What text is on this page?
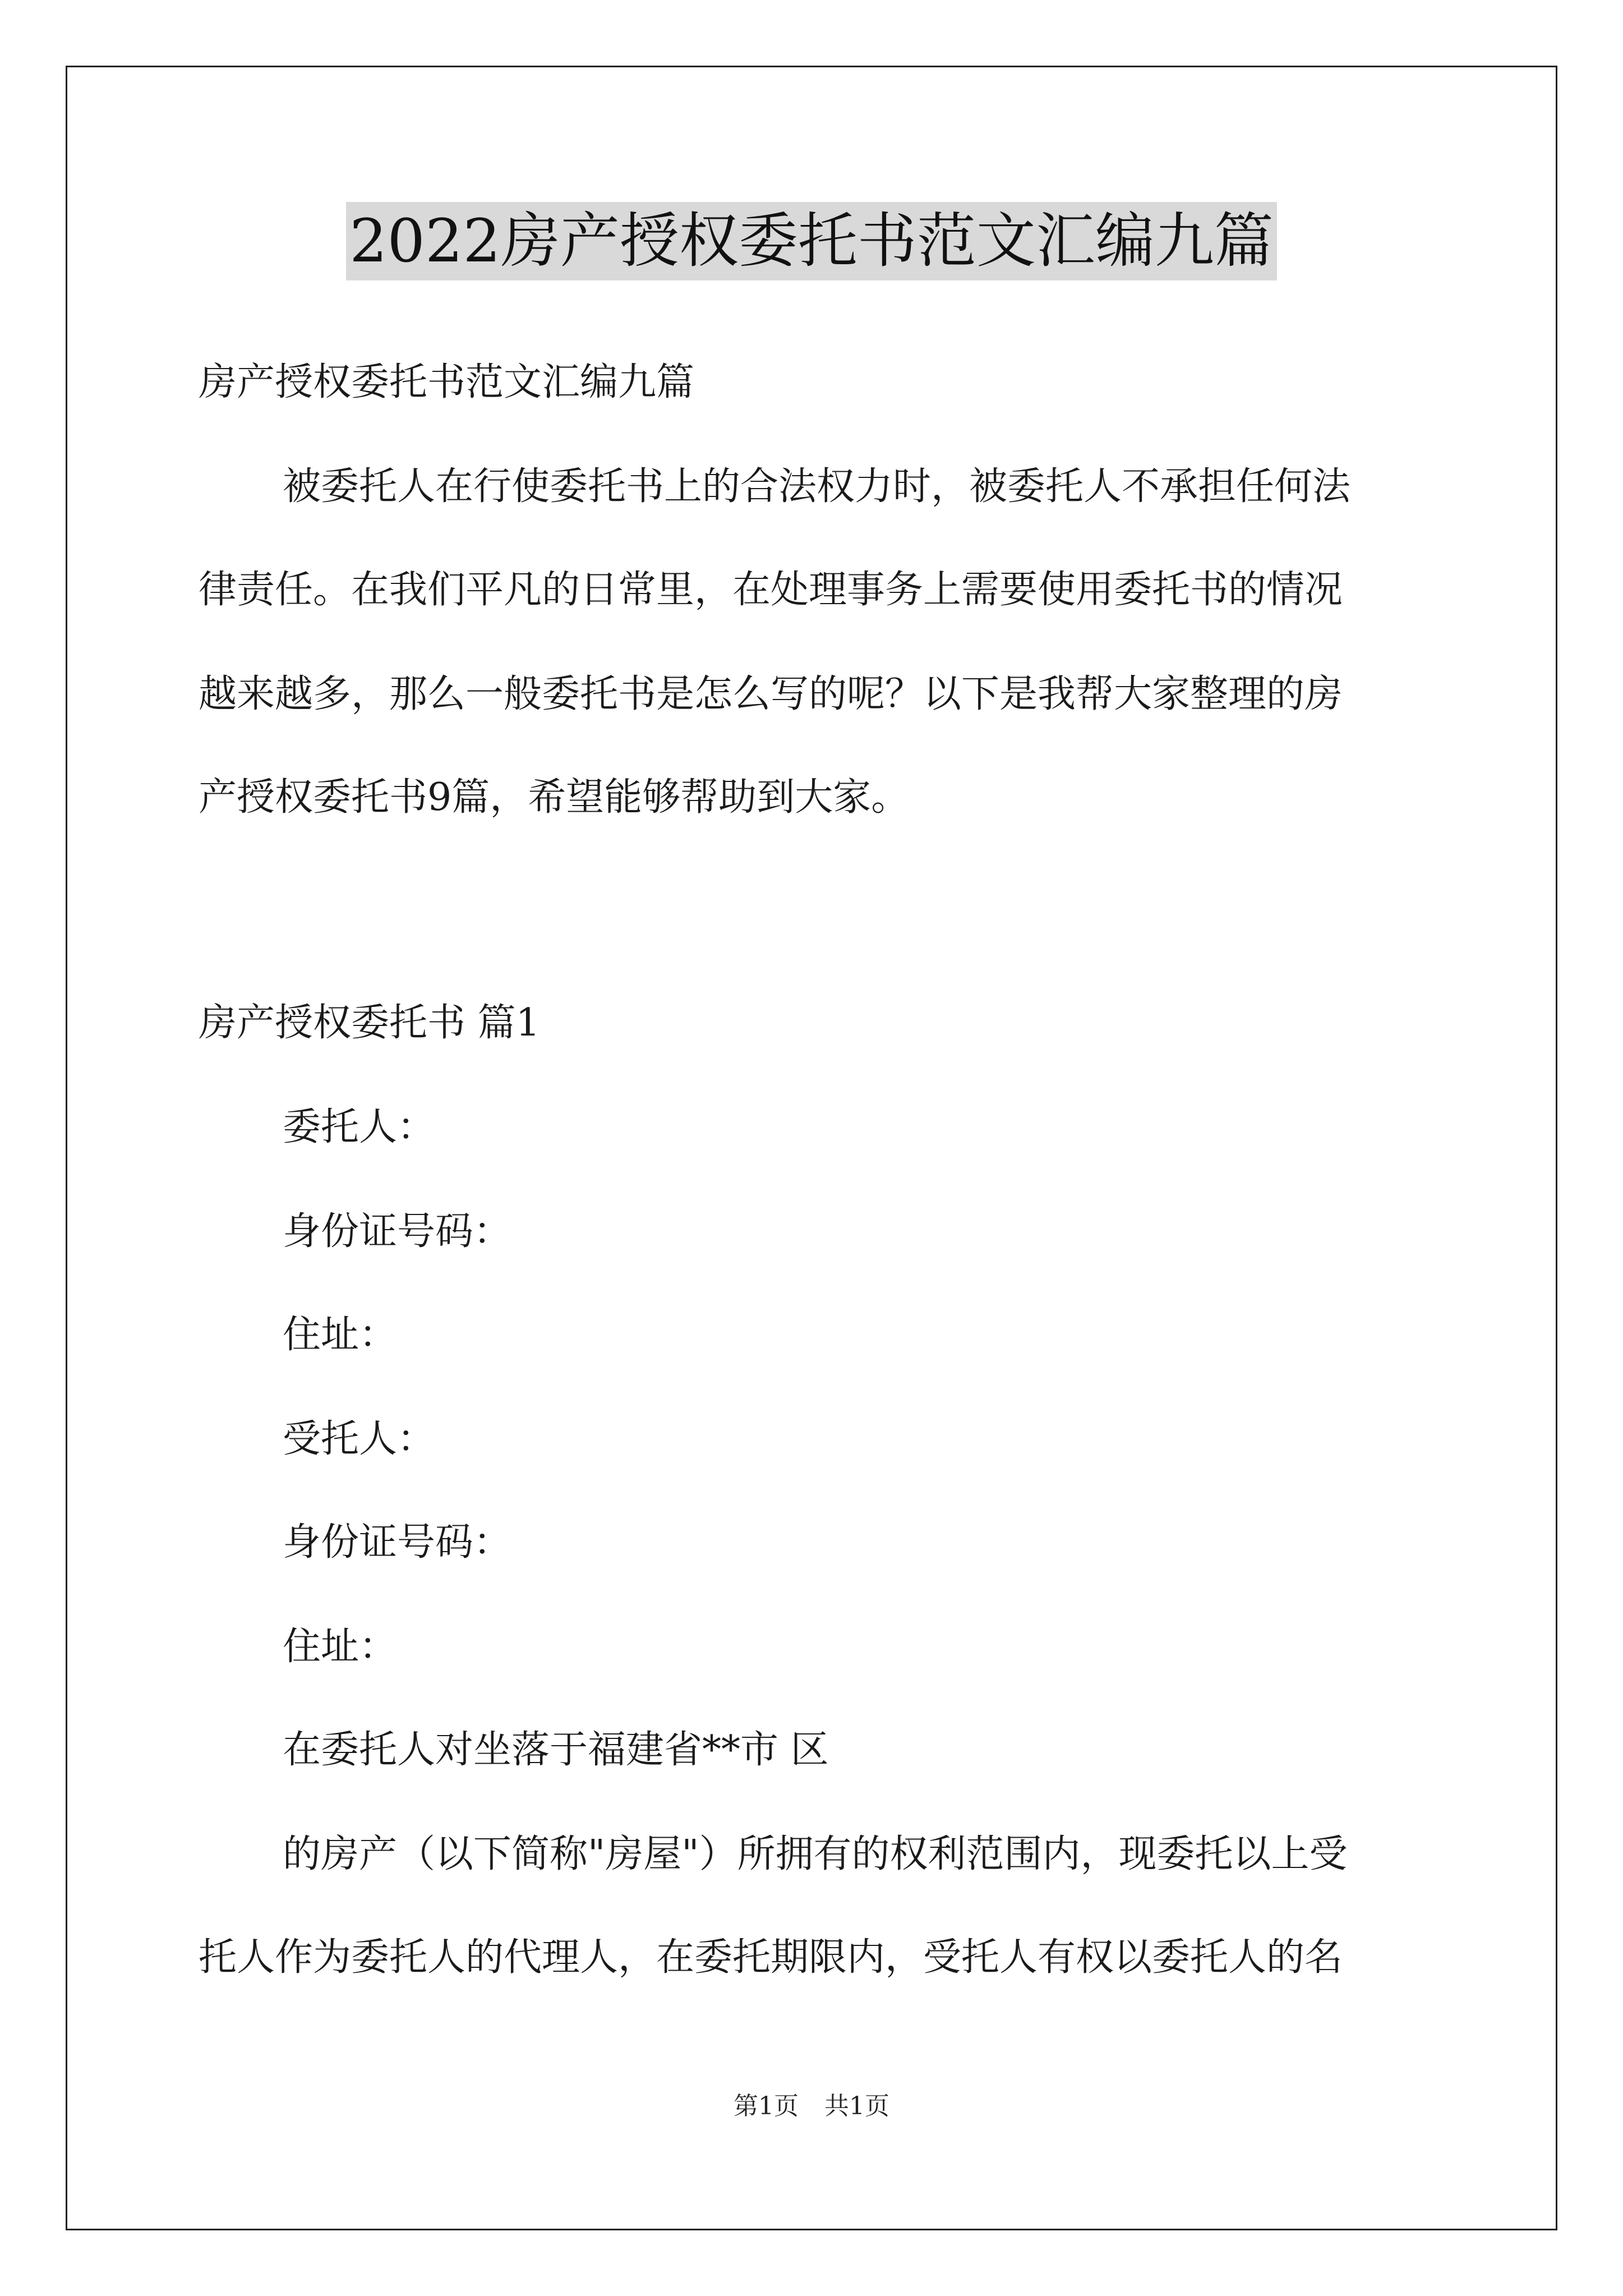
2022房产授权委托书范文汇编九篇

房产授权委托书范文汇编九篇

被委托人在行使委托书上的合法权力时，被委托人不承担任何法

律责任。在我们平凡的日常里，在处理事务上需要使用委托书的情况

越来越多，那么一般委托书是怎么写的呢？以下是我帮大家整理的房

产授权委托书9篇，希望能够帮助到大家。

房产授权委托书 篇1

委托人：

身份证号码：

住址：

受托人：

身份证号码：

住址：

在委托人对坐落于福建省**市 区

的房产（以下简称"房屋"）所拥有的权利范围内，现委托以上受

托人作为委托人的代理人，在委托期限内，受托人有权以委托人的名

第1页 共1页
